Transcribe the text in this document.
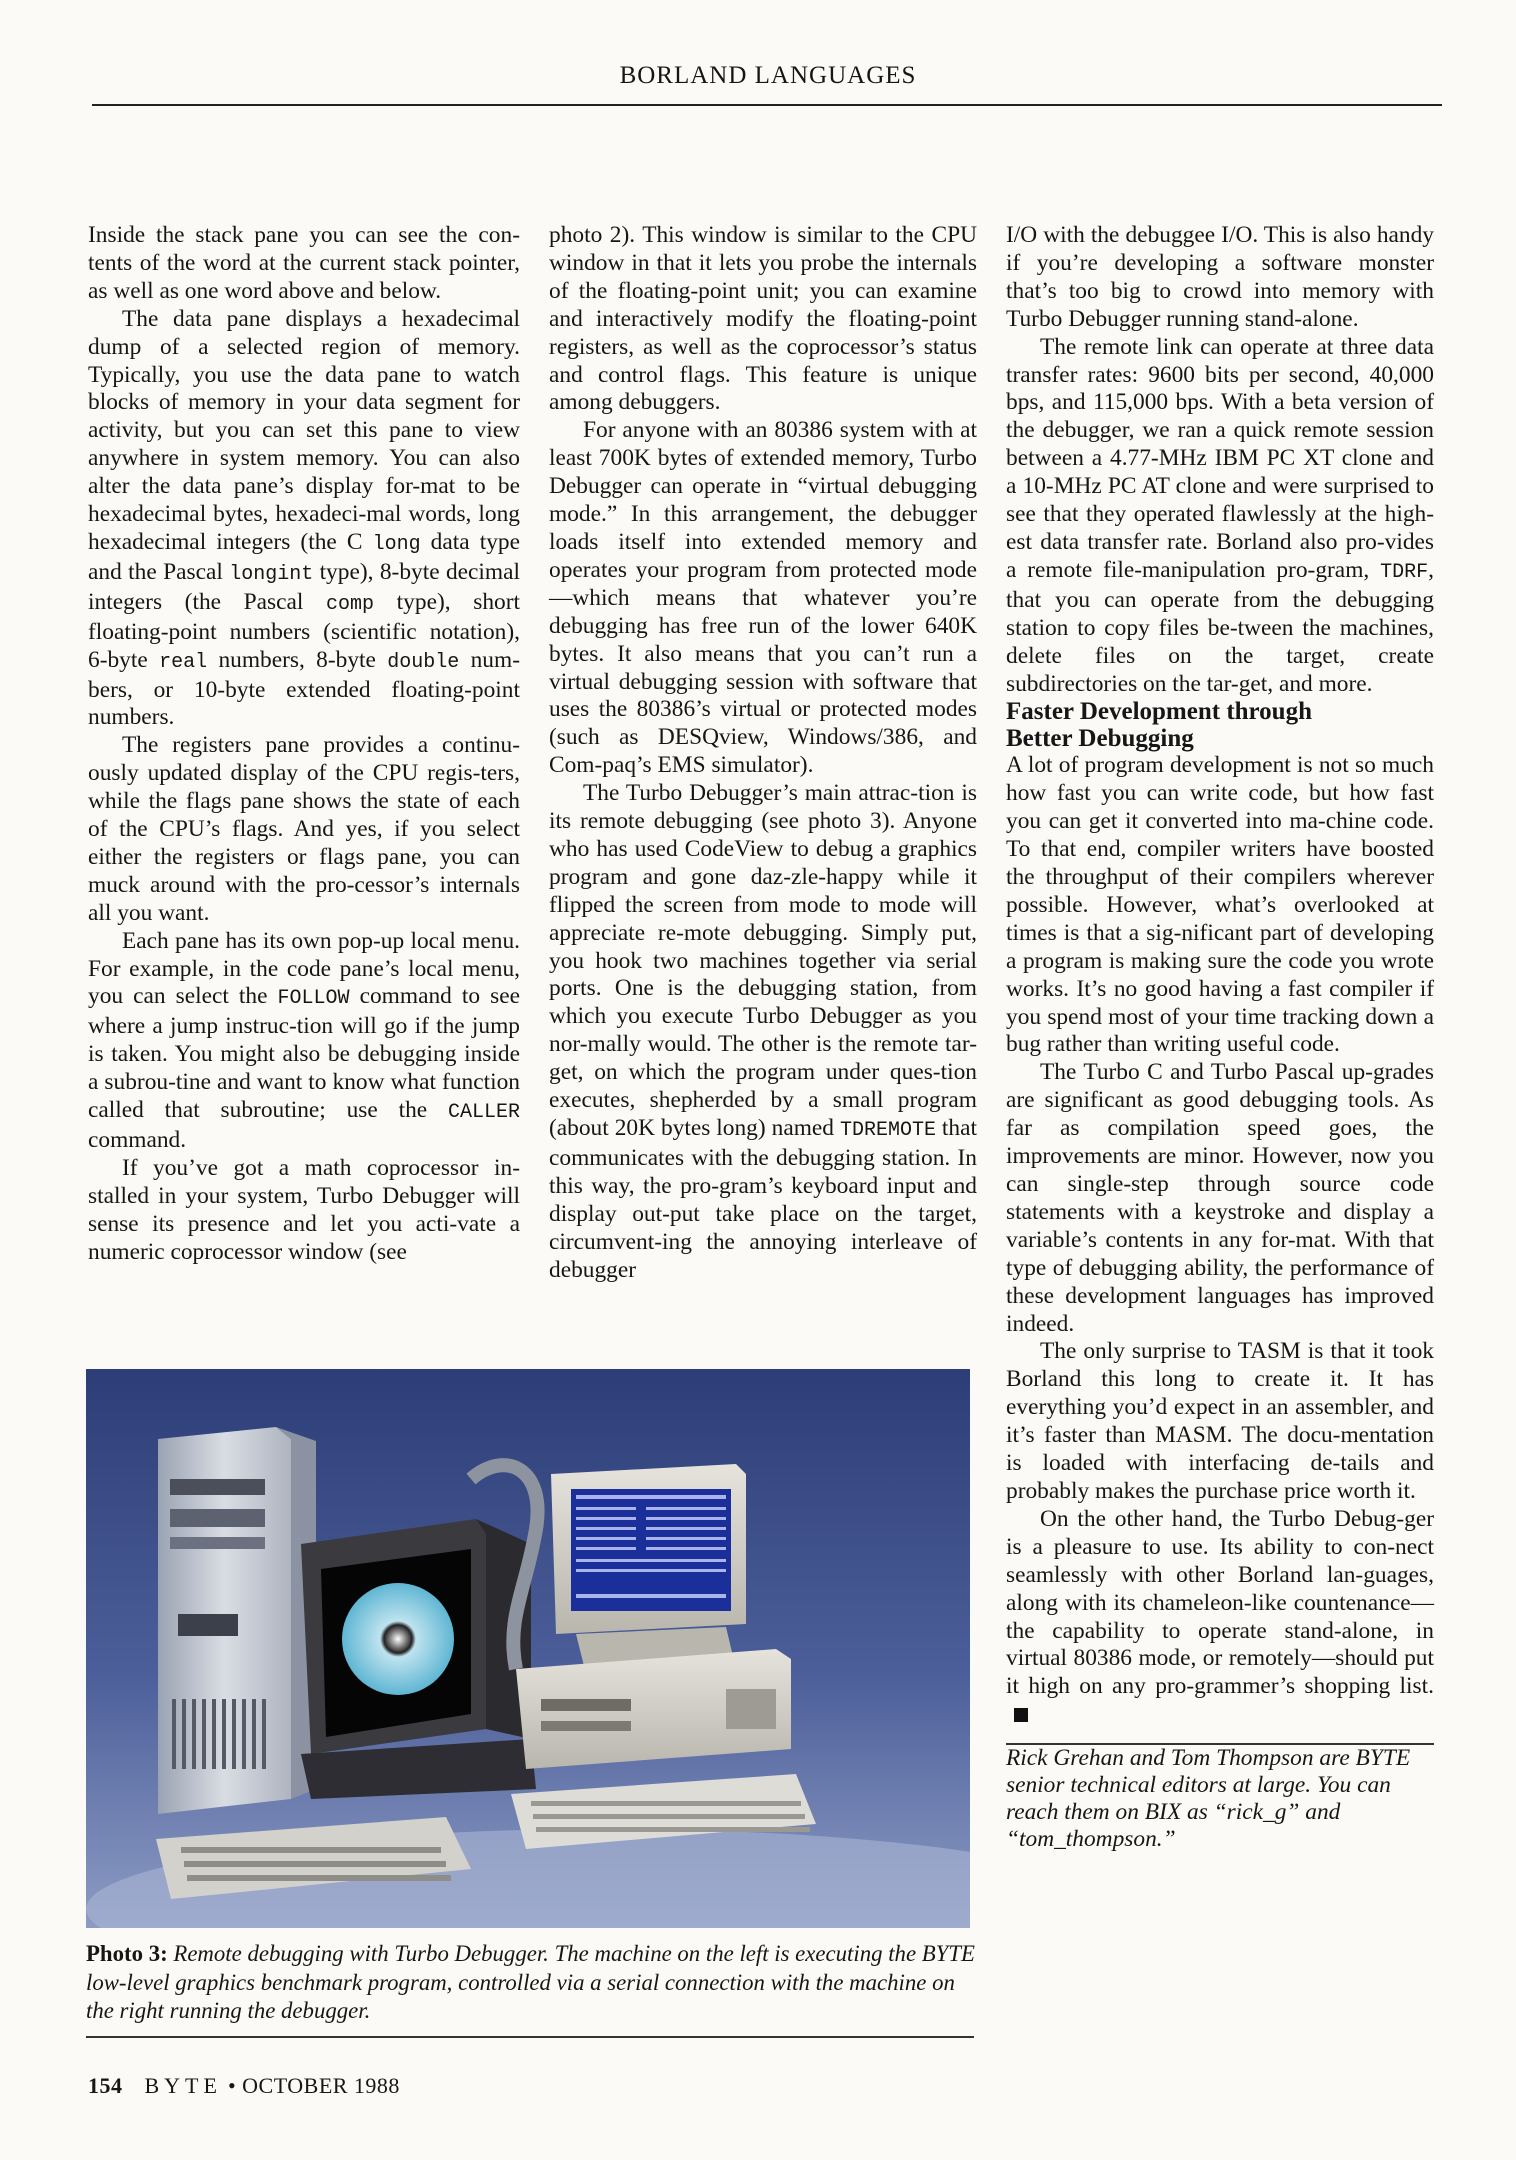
BORLAND LANGUAGES

Inside the stack pane you can see the con-tents of the word at the current stack pointer, as well as one word above and below.

The data pane displays a hexadecimal dump of a selected region of memory. Typically, you use the data pane to watch blocks of memory in your data segment for activity, but you can set this pane to view anywhere in system memory. You can also alter the data pane’s display for-mat to be hexadecimal bytes, hexadeci-mal words, long hexadecimal integers (the C long data type and the Pascal longint type), 8-byte decimal integers (the Pascal comp type), short floating-point numbers (scientific notation), 6-byte real numbers, 8-byte double num-bers, or 10-byte extended floating-point numbers.

The registers pane provides a continu-ously updated display of the CPU regis-ters, while the flags pane shows the state of each of the CPU’s flags. And yes, if you select either the registers or flags pane, you can muck around with the pro-cessor’s internals all you want.

Each pane has its own pop-up local menu. For example, in the code pane’s local menu, you can select the FOLLOW command to see where a jump instruc-tion will go if the jump is taken. You might also be debugging inside a subrou-tine and want to know what function called that subroutine; use the CALLER command.

If you’ve got a math coprocessor in-stalled in your system, Turbo Debugger will sense its presence and let you acti-vate a numeric coprocessor window (see

photo 2). This window is similar to the CPU window in that it lets you probe the internals of the floating-point unit; you can examine and interactively modify the floating-point registers, as well as the coprocessor’s status and control flags. This feature is unique among debuggers.

For anyone with an 80386 system with at least 700K bytes of extended memory, Turbo Debugger can operate in “virtual debugging mode.” In this arrangement, the debugger loads itself into extended memory and operates your program from protected mode—which means that whatever you’re debugging has free run of the lower 640K bytes. It also means that you can’t run a virtual debugging session with software that uses the 80386’s virtual or protected modes (such as DESQview, Windows/386, and Com-paq’s EMS simulator).

The Turbo Debugger’s main attrac-tion is its remote debugging (see photo 3). Anyone who has used CodeView to debug a graphics program and gone daz-zle-happy while it flipped the screen from mode to mode will appreciate re-mote debugging. Simply put, you hook two machines together via serial ports. One is the debugging station, from which you execute Turbo Debugger as you nor-mally would. The other is the remote tar-get, on which the program under ques-tion executes, shepherded by a small program (about 20K bytes long) named TDREMOTE that communicates with the debugging station. In this way, the pro-gram’s keyboard input and display out-put take place on the target, circumvent-ing the annoying interleave of debugger

I/O with the debuggee I/O. This is also handy if you’re developing a software monster that’s too big to crowd into memory with Turbo Debugger running stand-alone.

The remote link can operate at three data transfer rates: 9600 bits per second, 40,000 bps, and 115,000 bps. With a beta version of the debugger, we ran a quick remote session between a 4.77-MHz IBM PC XT clone and a 10-MHz PC AT clone and were surprised to see that they operated flawlessly at the high-est data transfer rate. Borland also pro-vides a remote file-manipulation pro-gram, TDRF, that you can operate from the debugging station to copy files be-tween the machines, delete files on the target, create subdirectories on the tar-get, and more.

Faster Development through
Better Debugging

A lot of program development is not so much how fast you can write code, but how fast you can get it converted into ma-chine code. To that end, compiler writers have boosted the throughput of their compilers wherever possible. However, what’s overlooked at times is that a sig-nificant part of developing a program is making sure the code you wrote works. It’s no good having a fast compiler if you spend most of your time tracking down a bug rather than writing useful code.

The Turbo C and Turbo Pascal up-grades are significant as good debugging tools. As far as compilation speed goes, the improvements are minor. However, now you can single-step through source code statements with a keystroke and display a variable’s contents in any for-mat. With that type of debugging ability, the performance of these development languages has improved indeed.

The only surprise to TASM is that it took Borland this long to create it. It has everything you’d expect in an assembler, and it’s faster than MASM. The docu-mentation is loaded with interfacing de-tails and probably makes the purchase price worth it.

On the other hand, the Turbo Debug-ger is a pleasure to use. Its ability to con-nect seamlessly with other Borland lan-guages, along with its chameleon-like countenance—the capability to operate stand-alone, in virtual 80386 mode, or remotely—should put it high on any pro-grammer’s shopping list.

Rick Grehan and Tom Thompson are BYTE senior technical editors at large. You can reach them on BIX as “rick_g” and “tom_thompson.”

Photo 3: Remote debugging with Turbo Debugger. The machine on the left is executing the BYTE low-level graphics benchmark program, controlled via a serial connection with the machine on the right running the debugger.
154 BYTE • OCTOBER 1988
